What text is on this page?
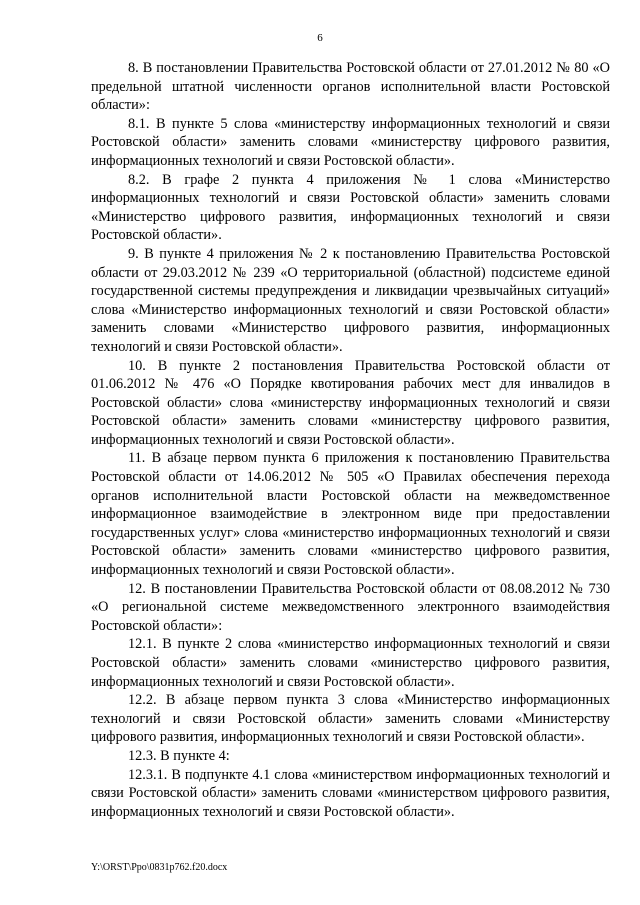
6

8. В постановлении Правительства Ростовской области от 27.01.2012 № 80 «О предельной штатной численности органов исполнительной власти Ростовской области»:

8.1. В пункте 5 слова «министерству информационных технологий и связи Ростовской области» заменить словами «министерству цифрового развития, информационных технологий и связи Ростовской области».

8.2. В графе 2 пункта 4 приложения № 1 слова «Министерство информационных технологий и связи Ростовской области» заменить словами «Министерство цифрового развития, информационных технологий и связи Ростовской области».

9. В пункте 4 приложения № 2 к постановлению Правительства Ростовской области от 29.03.2012 № 239 «О территориальной (областной) подсистеме единой государственной системы предупреждения и ликвидации чрезвычайных ситуаций» слова «Министерство информационных технологий и связи Ростовской области» заменить словами «Министерство цифрового развития, информационных технологий и связи Ростовской области».

10. В пункте 2 постановления Правительства Ростовской области от 01.06.2012 № 476 «О Порядке квотирования рабочих мест для инвалидов в Ростовской области» слова «министерству информационных технологий и связи Ростовской области» заменить словами «министерству цифрового развития, информационных технологий и связи Ростовской области».

11. В абзаце первом пункта 6 приложения к постановлению Правительства Ростовской области от 14.06.2012 № 505 «О Правилах обеспечения перехода органов исполнительной власти Ростовской области на межведомственное информационное взаимодействие в электронном виде при предоставлении государственных услуг» слова «министерство информационных технологий и связи Ростовской области» заменить словами «министерство цифрового развития, информационных технологий и связи Ростовской области».

12. В постановлении Правительства Ростовской области от 08.08.2012 № 730 «О региональной системе межведомственного электронного взаимодействия Ростовской области»:

12.1. В пункте 2 слова «министерство информационных технологий и связи Ростовской области» заменить словами «министерство цифрового развития, информационных технологий и связи Ростовской области».

12.2. В абзаце первом пункта 3 слова «Министерство информационных технологий и связи Ростовской области» заменить словами «Министерству цифрового развития, информационных технологий и связи Ростовской области».

12.3. В пункте 4:

12.3.1. В подпункте 4.1 слова «министерством информационных технологий и связи Ростовской области» заменить словами «министерством цифрового развития, информационных технологий и связи Ростовской области».

Y:\ORST\Ppo\0831p762.f20.docx
